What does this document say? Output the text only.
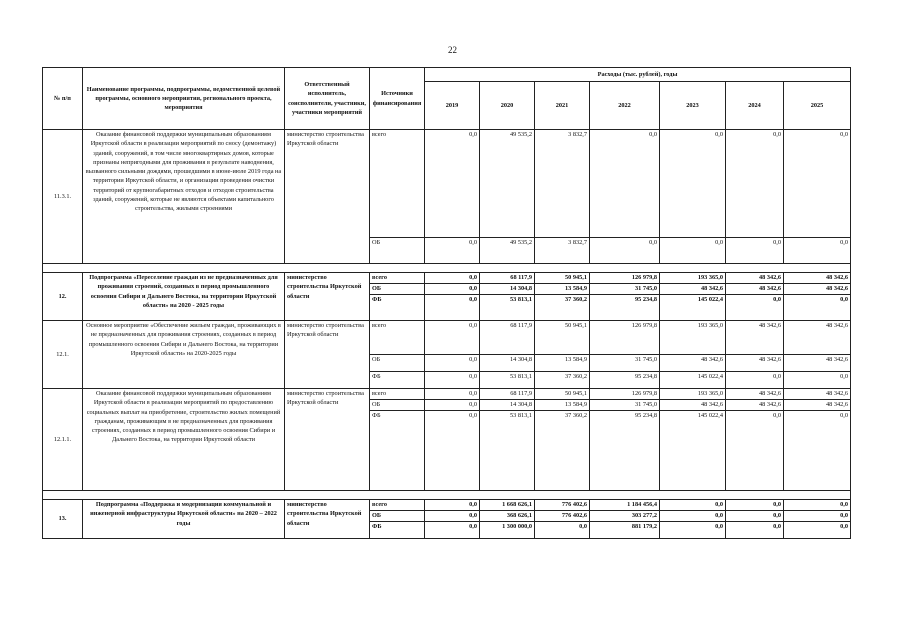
22
№ п/п	Наименование программы, подпрограммы, ведомственной целевой программы, основного мероприятия, регионального проекта, мероприятия	Ответственный исполнитель, соисполнители, участники, участники мероприятий	Источники финансирования	Расходы (тыс. рублей), годы						
				2019	2020	2021	2022	2023	2024	2025
11.3.1.	Оказание финансовой поддержки муниципальным образованиям Иркутской области в реализации мероприятий по сносу (демонтажу) зданий, сооружений, в том числе многоквартирных домов, которые признаны непригодными для проживания в результате наводнения, вызванного сильными дождями, прошедшими в июне-июле 2019 года на территории Иркутской области, и организации проведения очистки территорий от крупногабаритных отходов и отходов строительства зданий, сооружений, которые не являются объектами капитального строительства, жилыми строениями	министерство строительства Иркутской области	всего	0,0	49 535,2	3 832,7	0,0	0,0	0,0	0,0
			ОБ	0,0	49 535,2	3 832,7	0,0	0,0	0,0	0,0

12.	Подпрограмма «Переселение граждан из не предназначенных для проживания строений, созданных в период промышленного освоения Сибири и Дальнего Востока, на территории Иркутской области» на 2020 - 2025 годы	министерство строительства Иркутской области	всего	0,0	68 117,9	50 945,1	126 979,8	193 365,0	48 342,6	48 342,6
			ОБ	0,0	14 304,8	13 584,9	31 745,0	48 342,6	48 342,6	48 342,6
			ФБ	0,0	53 813,1	37 360,2	95 234,8	145 022,4	0,0	0,0
12.1.	Основное мероприятие «Обеспечение жильем граждан, проживающих в не предназначенных для проживания строениях, созданных в период промышленного освоения Сибири и Дальнего Востока, на территории Иркутской области» на 2020-2025 годы	министерство строительства Иркутской области	всего	0,0	68 117,9	50 945,1	126 979,8	193 365,0	48 342,6	48 342,6
			ОБ	0,0	14 304,8	13 584,9	31 745,0	48 342,6	48 342,6	48 342,6
			ФБ	0,0	53 813,1	37 360,2	95 234,8	145 022,4	0,0	0,0
12.1.1.	Оказание финансовой поддержки муниципальным образованиям Иркутской области в реализации мероприятий по предоставлению социальных выплат на приобретение, строительство жилых помещений гражданам, проживающим в не предназначенных для проживания строениях, созданных в период промышленного освоения Сибири и Дальнего Востока, на территории Иркутской области	министерство строительства Иркутской области	всего	0,0	68 117,9	50 945,1	126 979,8	193 365,0	48 342,6	48 342,6
			ОБ	0,0	14 304,8	13 584,9	31 745,0	48 342,6	48 342,6	48 342,6
			ФБ	0,0	53 813,1	37 360,2	95 234,8	145 022,4	0,0	0,0

13.	Подпрограмма «Поддержка и модернизация коммунальной и инженерной инфраструктуры Иркутской области» на 2020 – 2022 годы	министерство строительства Иркутской области	всего	0,0	1 668 626,1	776 402,6	1 184 456,4	0,0	0,0	0,0
			ОБ	0,0	368 626,1	776 402,6	303 277,2	0,0	0,0	0,0
			ФБ	0,0	1 300 000,0	0,0	881 179,2	0,0	0,0	0,0
